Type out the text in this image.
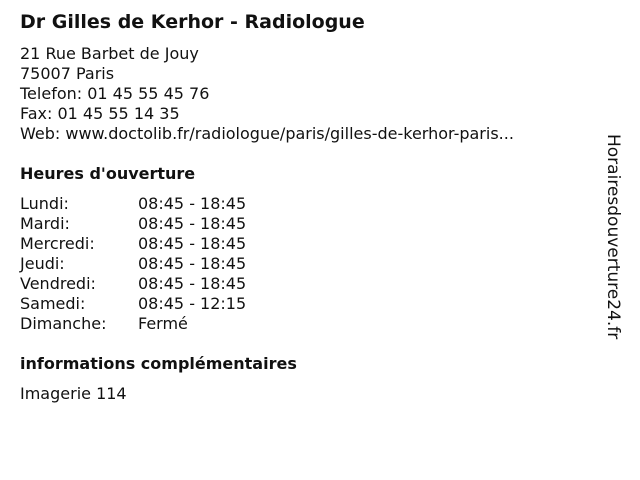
Dr Gilles de Kerhor - Radiologue
21 Rue Barbet de Jouy
75007 Paris
Telefon: 01 45 55 45 76
Fax: 01 45 55 14 35
Web: www.doctolib.fr/radiologue/paris/gilles-de-kerhor-paris...
Heures d'ouverture
Lundi:	08:45 - 18:45
Mardi:	08:45 - 18:45
Mercredi:	08:45 - 18:45
Jeudi:	08:45 - 18:45
Vendredi:	08:45 - 18:45
Samedi:	08:45 - 12:15
Dimanche:	Fermé
informations complémentaires
Imagerie 114
Horairesdouverture24.fr
